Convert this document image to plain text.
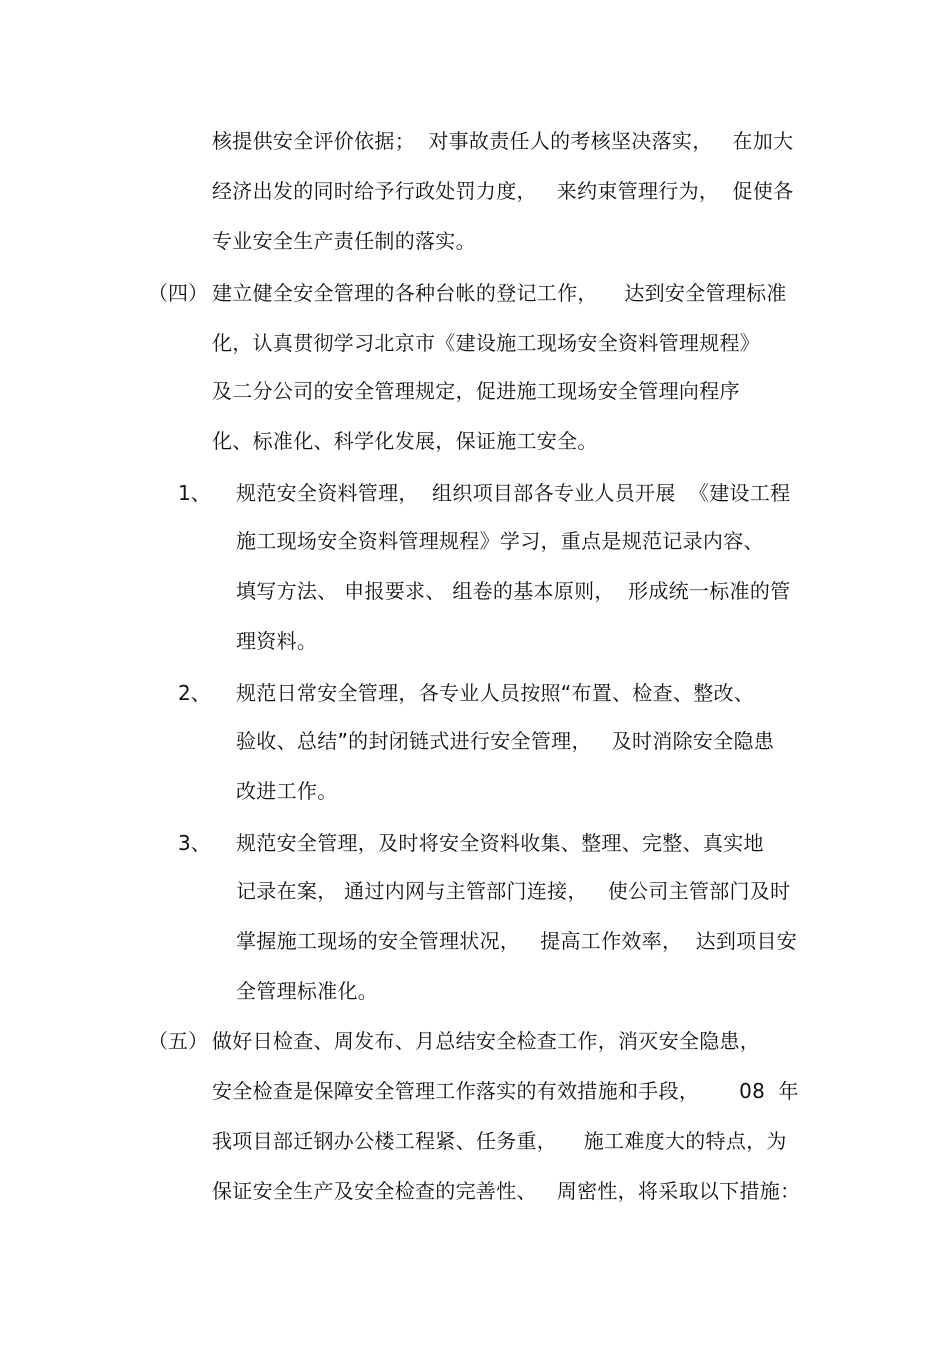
核提供安全评价依据；  对事故责任人的考核坚决落实，   在加大
经济出发的同时给予行政处罚力度，   来约束管理行为，  促使各
专业安全生产责任制的落实。
（四） 建立健全安全管理的各种台帐的登记工作，    达到安全管理标准
化，认真贯彻学习北京市《建设施工现场安全资料管理规程》
及二分公司的安全管理规定，促进施工现场安全管理向程序
化、标准化、科学化发展，保证施工安全。
1、 规范安全资料管理，  组织项目部各专业人员开展  《建设工程
施工现场安全资料管理规程》学习，重点是规范记录内容、
填写方法、 申报要求、 组卷的基本原则，  形成统一标准的管
理资料。
2、 规范日常安全管理，各专业人员按照“布置、检查、整改、
验收、总结”的封闭链式进行安全管理，   及时消除安全隐患
改进工作。
3、 规范安全管理，及时将安全资料收集、整理、完整、真实地
记录在案， 通过内网与主管部门连接，   使公司主管部门及时
掌握施工现场的安全管理状况，   提高工作效率，  达到项目安
全管理标准化。
（五） 做好日检查、周发布、月总结安全检查工作，消灭安全隐患，
安全检查是保障安全管理工作落实的有效措施和手段，      08  年
我项目部迁钢办公楼工程紧、任务重，    施工难度大的特点，为
保证安全生产及安全检查的完善性、   周密性，将采取以下措施：
